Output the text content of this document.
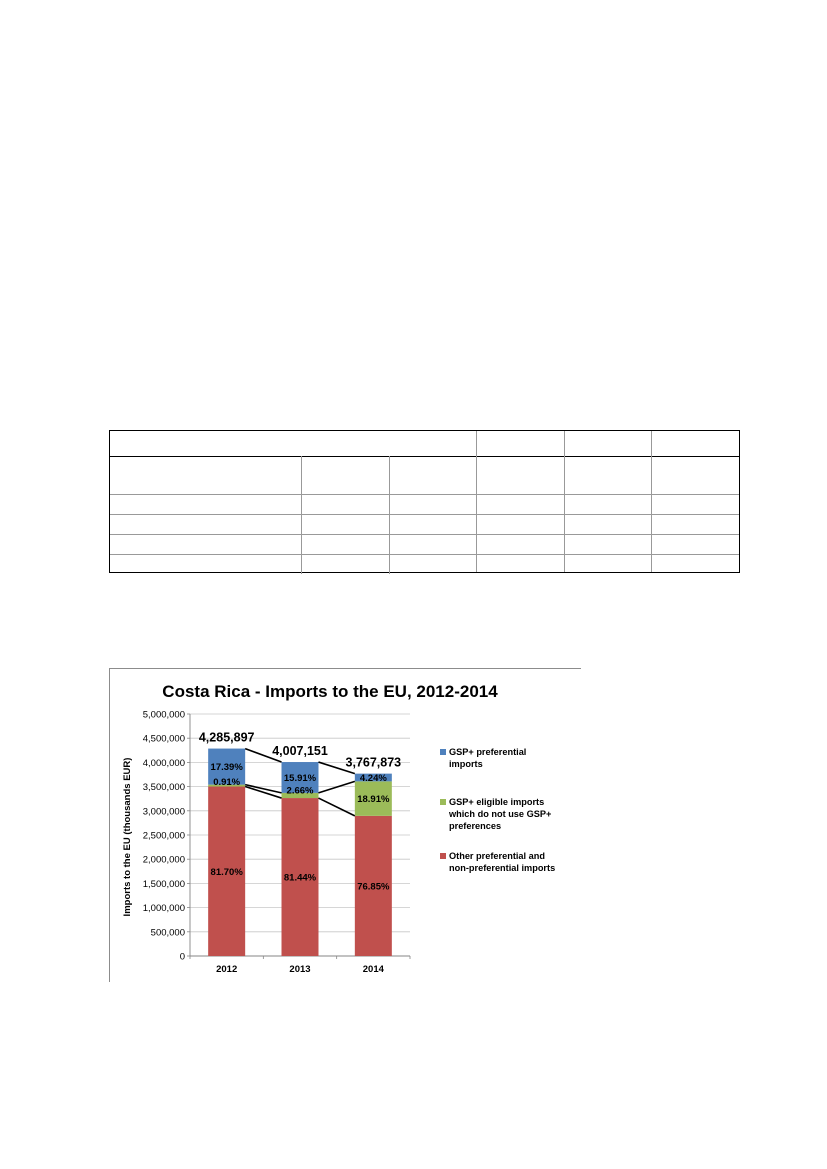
Costa Rica - Imports to the EU, 2012-2014
0
500,000
1,000,000
1,500,000
2,000,000
2,500,000
3,000,000
3,500,000
4,000,000
4,500,000
5,000,000
2012	2013	2014
81.70%
0.91%
17.39%
4,285,897
81.44%
2.66%
15.91%
4,007,151
76.85%
18.91%
4.24%
3,767,873
Imports to the EU (thousands EUR)
GSP+ preferential
imports
GSP+ eligible imports
which do not use GSP+
preferences
Other preferential and
non-preferential imports
